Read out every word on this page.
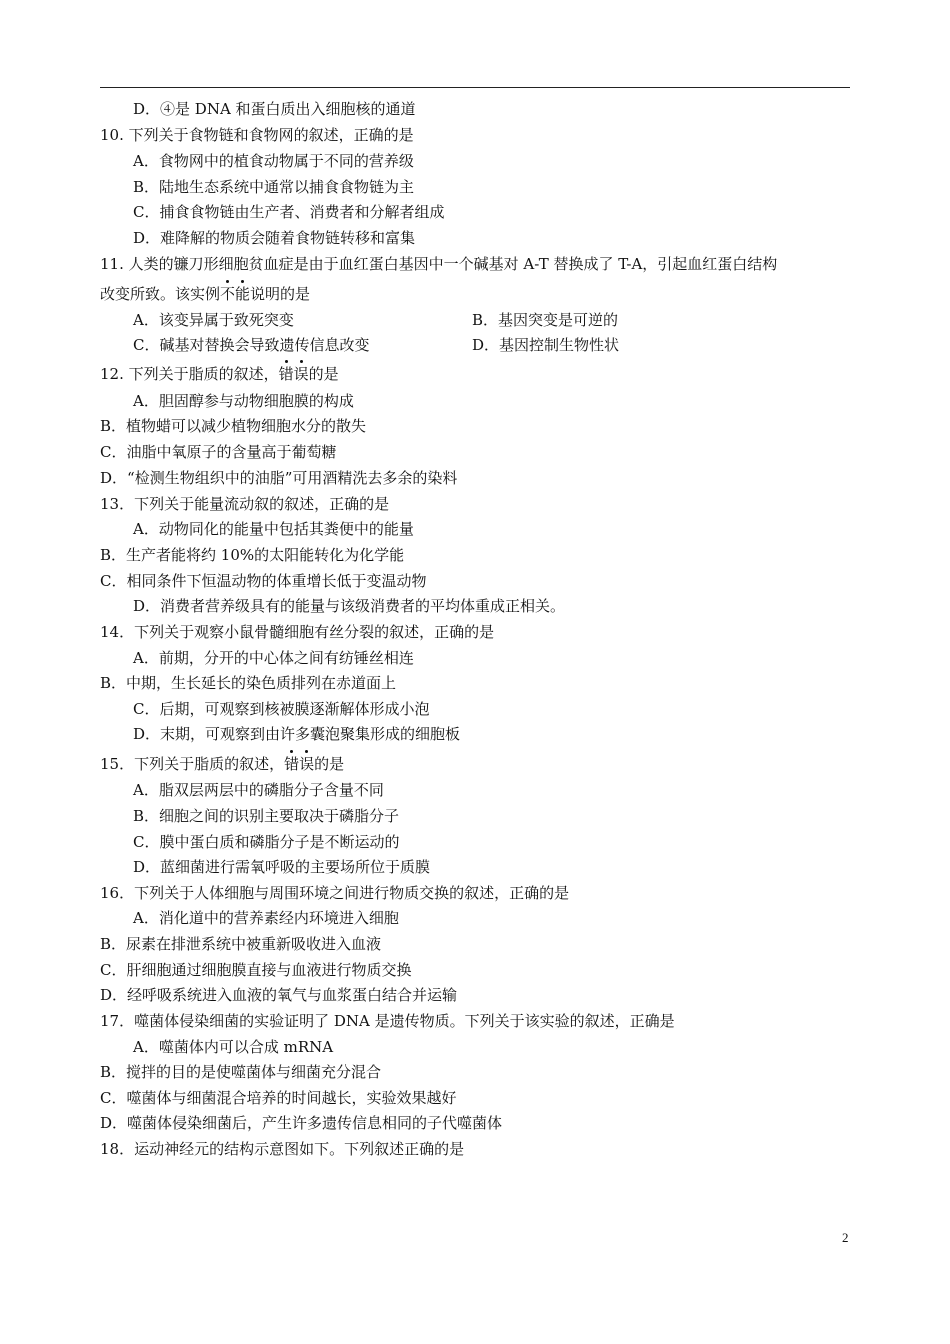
D．④是 DNA 和蛋白质出入细胞核的通道
10. 下列关于食物链和食物网的叙述，正确的是
A．食物网中的植食动物属于不同的营养级
B．陆地生态系统中通常以捕食食物链为主
C．捕食食物链由生产者、消费者和分解者组成
D．难降解的物质会随着食物链转移和富集
11. 人类的镰刀形细胞贫血症是由于血红蛋白基因中一个碱基对 A-T 替换成了 T-A，引起血红蛋白结构
改变所致。该实例不能说明的是
A．该变异属于致死突变	B．基因突变是可逆的
C．碱基对替换会导致遗传信息改变	D．基因控制生物性状
12. 下列关于脂质的叙述，错误的是
A．胆固醇参与动物细胞膜的构成
B．植物蜡可以减少植物细胞水分的散失
C．油脂中氧原子的含量高于葡萄糖
D．“检测生物组织中的油脂”可用酒精洗去多余的染料
13．下列关于能量流动叙的叙述，正确的是
A．动物同化的能量中包括其粪便中的能量
B．生产者能将约 10%的太阳能转化为化学能
C．相同条件下恒温动物的体重增长低于变温动物
D．消费者营养级具有的能量与该级消费者的平均体重成正相关。
14．下列关于观察小鼠骨髓细胞有丝分裂的叙述，正确的是
A．前期，分开的中心体之间有纺锤丝相连
B．中期，生长延长的染色质排列在赤道面上
C．后期，可观察到核被膜逐渐解体形成小泡
D．末期，可观察到由许多囊泡聚集形成的细胞板
15．下列关于脂质的叙述，错误的是
A．脂双层两层中的磷脂分子含量不同
B．细胞之间的识别主要取决于磷脂分子
C．膜中蛋白质和磷脂分子是不断运动的
D．蓝细菌进行需氧呼吸的主要场所位于质膜
16．下列关于人体细胞与周围环境之间进行物质交换的叙述，正确的是
A．消化道中的营养素经内环境进入细胞
B．尿素在排泄系统中被重新吸收进入血液
C．肝细胞通过细胞膜直接与血液进行物质交换
D．经呼吸系统进入血液的氧气与血浆蛋白结合并运输
17．噬菌体侵染细菌的实验证明了 DNA 是遗传物质。下列关于该实验的叙述，正确是
A．噬菌体内可以合成 mRNA
B．搅拌的目的是使噬菌体与细菌充分混合
C．噬菌体与细菌混合培养的时间越长，实验效果越好
D．噬菌体侵染细菌后，产生许多遗传信息相同的子代噬菌体
18．运动神经元的结构示意图如下。下列叙述正确的是
2
